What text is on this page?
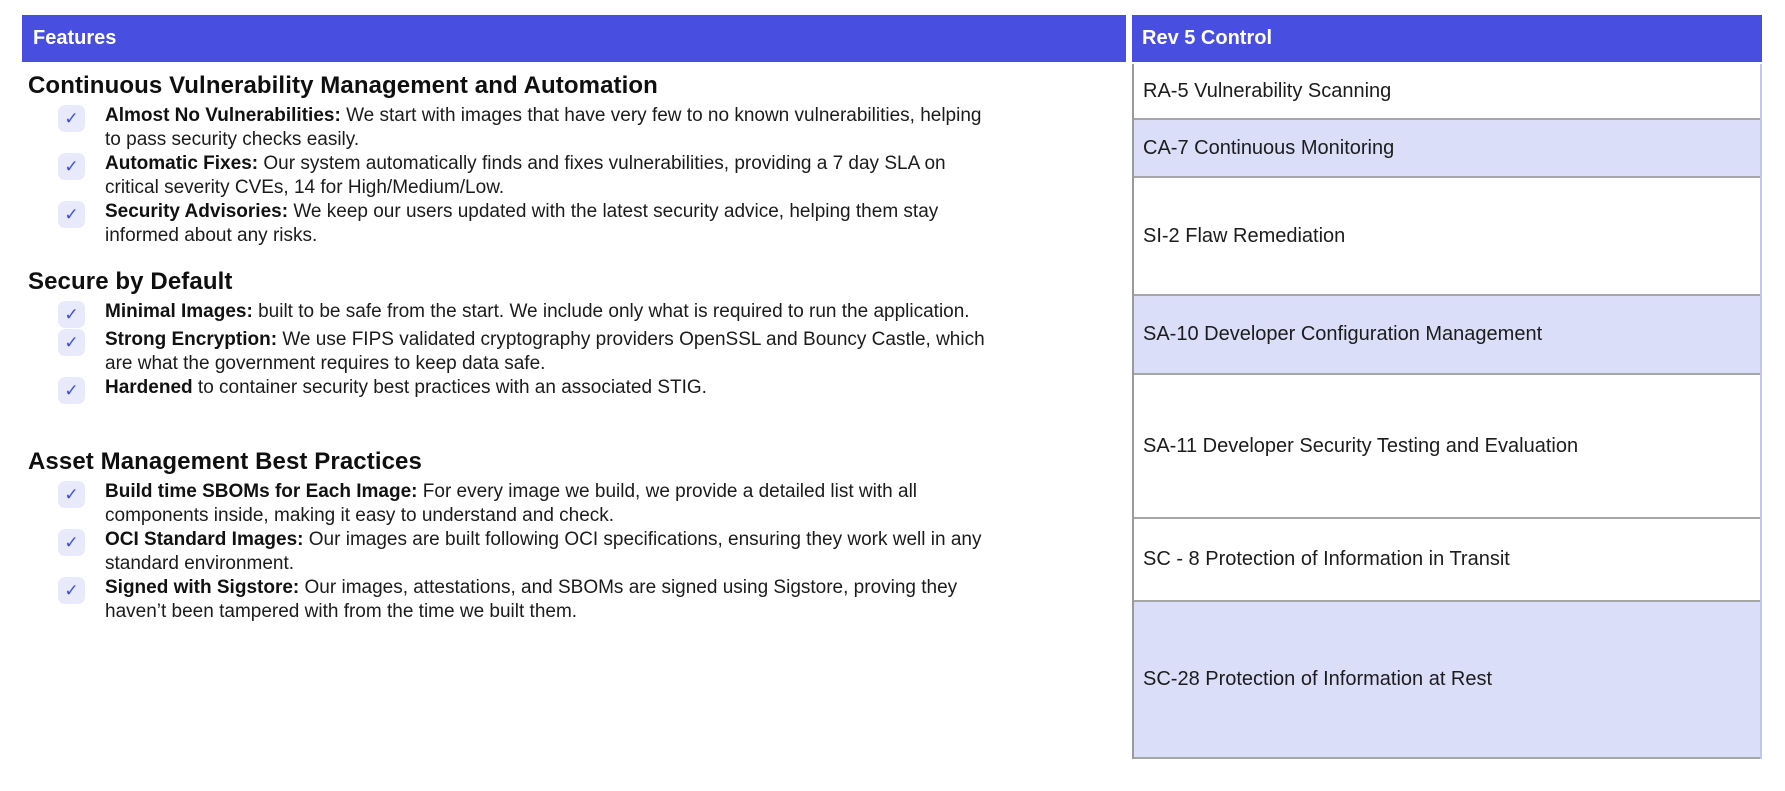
Features	Rev 5 Control
Continuous Vulnerability Management and Automation
✓ Almost No Vulnerabilities: We start with images that have very few to no known vulnerabilities, helping to pass security checks easily.

✓ Automatic Fixes: Our system automatically finds and fixes vulnerabilities, providing a 7 day SLA on critical severity CVEs, 14 for High/Medium/Low.

✓ Security Advisories: We keep our users updated with the latest security advice, helping them stay informed about any risks.

Secure by Default
✓ Minimal Images: built to be safe from the start. We include only what is required to run the application.

✓ Strong Encryption: We use FIPS validated cryptography providers OpenSSL and Bouncy Castle, which are what the government requires to keep data safe.

✓ Hardened to container security best practices with an associated STIG.

Asset Management Best Practices
✓ Build time SBOMs for Each Image: For every image we build, we provide a detailed list with all components inside, making it easy to understand and check.

✓ OCI Standard Images: Our images are built following OCI specifications, ensuring they work well in any standard environment.

✓ Signed with Sigstore: Our images, attestations, and SBOMs are signed using Sigstore, proving they haven’t been tampered with from the time we built them.

RA-5 Vulnerability Scanning
CA-7 Continuous Monitoring
SI-2 Flaw Remediation
SA-10 Developer Configuration Management
SA-11 Developer Security Testing and Evaluation
SC - 8 Protection of Information in Transit
SC-28 Protection of Information at Rest
